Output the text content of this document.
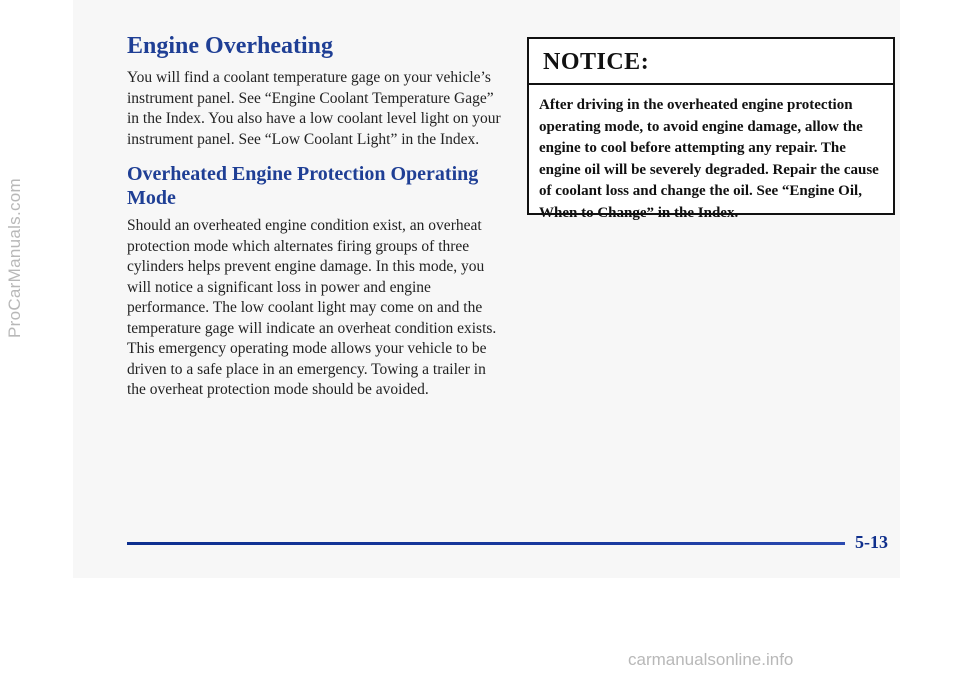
ProCarManuals.com
Engine Overheating

You will find a coolant temperature gage on your vehicle’s instrument panel. See “Engine Coolant Temperature Gage” in the Index. You also have a low coolant level light on your instrument panel. See “Low Coolant Light” in the Index.

Overheated Engine Protection Operating Mode

Should an overheated engine condition exist, an overheat protection mode which alternates firing groups of three cylinders helps prevent engine damage. In this mode, you will notice a significant loss in power and engine performance. The low coolant light may come on and the temperature gage will indicate an overheat condition exists. This emergency operating mode allows your vehicle to be driven to a safe place in an emergency. Towing a trailer in the overheat protection mode should be avoided.

NOTICE:
After driving in the overheated engine protection operating mode, to avoid engine damage, allow the engine to cool before attempting any repair. The engine oil will be severely degraded. Repair the cause of coolant loss and change the oil. See “Engine Oil, When to Change” in the Index.
5-13
carmanualsonline.info
